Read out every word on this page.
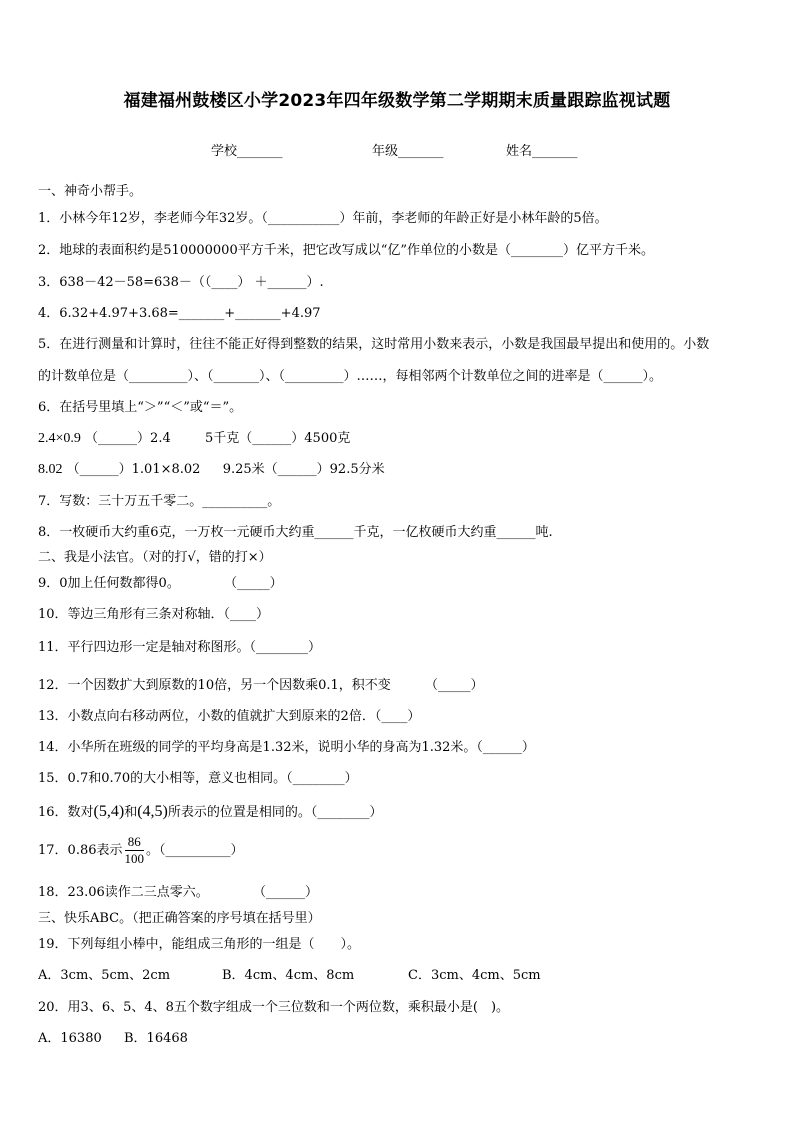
福建福州鼓楼区小学2023年四年级数学第二学期期末质量跟踪监视试题
学校_______	年级_______	姓名_______
一、神奇小帮手。
1．小林今年12岁，李老师今年32岁。（___________）年前，李老师的年龄正好是小林年龄的5倍。
2．地球的表面积约是510000000平方千米，把它改写成以“亿”作单位的小数是（________）亿平方千米。
3．638－42－58=638－（（____） ＋______）.
4．6.32+4.97+3.68=_______+_______+4.97
5．在进行测量和计算时，往往不能正好得到整数的结果，这时常用小数来表示，小数是我国最早提出和使用的。小数
的计数单位是（_________）、（_______）、（_________）……，每相邻两个计数单位之间的进率是（______）。
6．在括号里填上“＞”“＜”或“＝”。
2.4×0.9 （______）2.4	5千克（______）4500克
8.02 （______）1.01×8.02 9.25米（______）92.5分米
7．写数：三十万五千零二。__________。
8．一枚硬币大约重6克，一万枚一元硬币大约重______千克，一亿枚硬币大约重______吨.
二、我是小法官。（对的打√，错的打×）
9．0加上任何数都得0。	（_____）
10．等边三角形有三条对称轴．（____）
11．平行四边形一定是轴对称图形。（________）
12．一个因数扩大到原数的10倍，另一个因数乘0.1，积不变	（_____）
13．小数点向右移动两位，小数的值就扩大到原来的2倍．（____）
14．小华所在班级的同学的平均身高是1.32米，说明小华的身高为1.32米。（______）
15．0.7和0.70的大小相等，意义也相同。（________）
16．数对(5,4)和(4,5)所表示的位置是相同的。（________）
17．0.86表示 $\frac{86}{100}$ 。（__________）
18．23.06读作二三点零六。	（______）
三、快乐ABC。（把正确答案的序号填在括号里）
19．下列每组小棒中，能组成三角形的一组是（　　）。
A．3cm、5cm、2cm	B．4cm、4cm、8cm	C．3cm、4cm、5cm
20．用3、6、5、4、8五个数字组成一个三位数和一个两位数，乘积最小是(　)。
A．16380 B．16468
